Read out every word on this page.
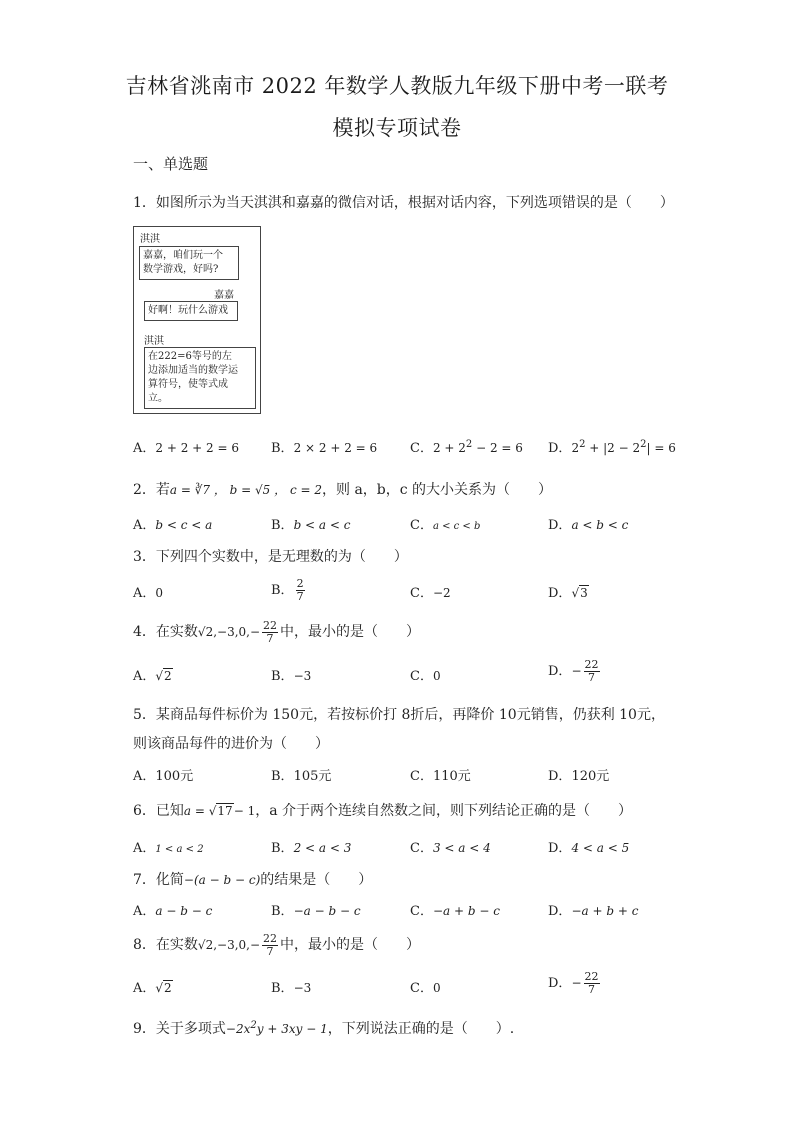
吉林省洮南市 2022 年数学人教版九年级下册中考一联考
模拟专项试卷
一、单选题
1．如图所示为当天淇淇和嘉嘉的微信对话，根据对话内容，下列选项错误的是（　　）
淇淇
嘉嘉，咱们玩一个
数学游戏，好吗?
嘉嘉
好啊！玩什么游戏
淇淇
在222=6等号的左
边添加适当的数学运
算符号，使等式成
立。
A．2 + 2 + 2 = 6 B．2 × 2 + 2 = 6	C．$2 + 2^2 - 2 = 6$ D．$2^2 + |2 - 2^2| = 6$
2．若a = ∛7 ， b = √5 ， c = 2，则 a，b，c 的大小关系为（　　）
A．b < c < a	B．b < a < c	C．a < c < b	D．a < b < c
3．下列四个实数中，是无理数的为（　　）
A．0	B． $\frac{2}{7}$	C．−2	D．√3
4．在实数$√2,-3,0,- \frac{22}{7}$ 中，最小的是（　　）
A．√2	B．−3	C．0	D．− $\frac{22}{7}$
5．某商品每件标价为 150元，若按标价打 8折后，再降价 10元销售，仍获利 10元，
则该商品每件的进价为（　　）
A．100元	B．105元	C．110元	D．120元
6．已知a = √17− 1，a 介于两个连续自然数之间，则下列结论正确的是（　　）
A．1 < a < 2	B．2 < a < 3	C．3 < a < 4	D．4 < a < 5
7．化简−(a − b − c)的结果是（　　）
A．a − b − c	B．−a − b − c	C．−a + b − c	D．−a + b + c
8．在实数$√2,-3,0,- \frac{22}{7}$ 中，最小的是（　　）
A．√2	B．−3	C．0	D．− $\frac{22}{7}$
9．关于多项式$-2x^2y + 3xy - 1$，下列说法正确的是（　　）.
